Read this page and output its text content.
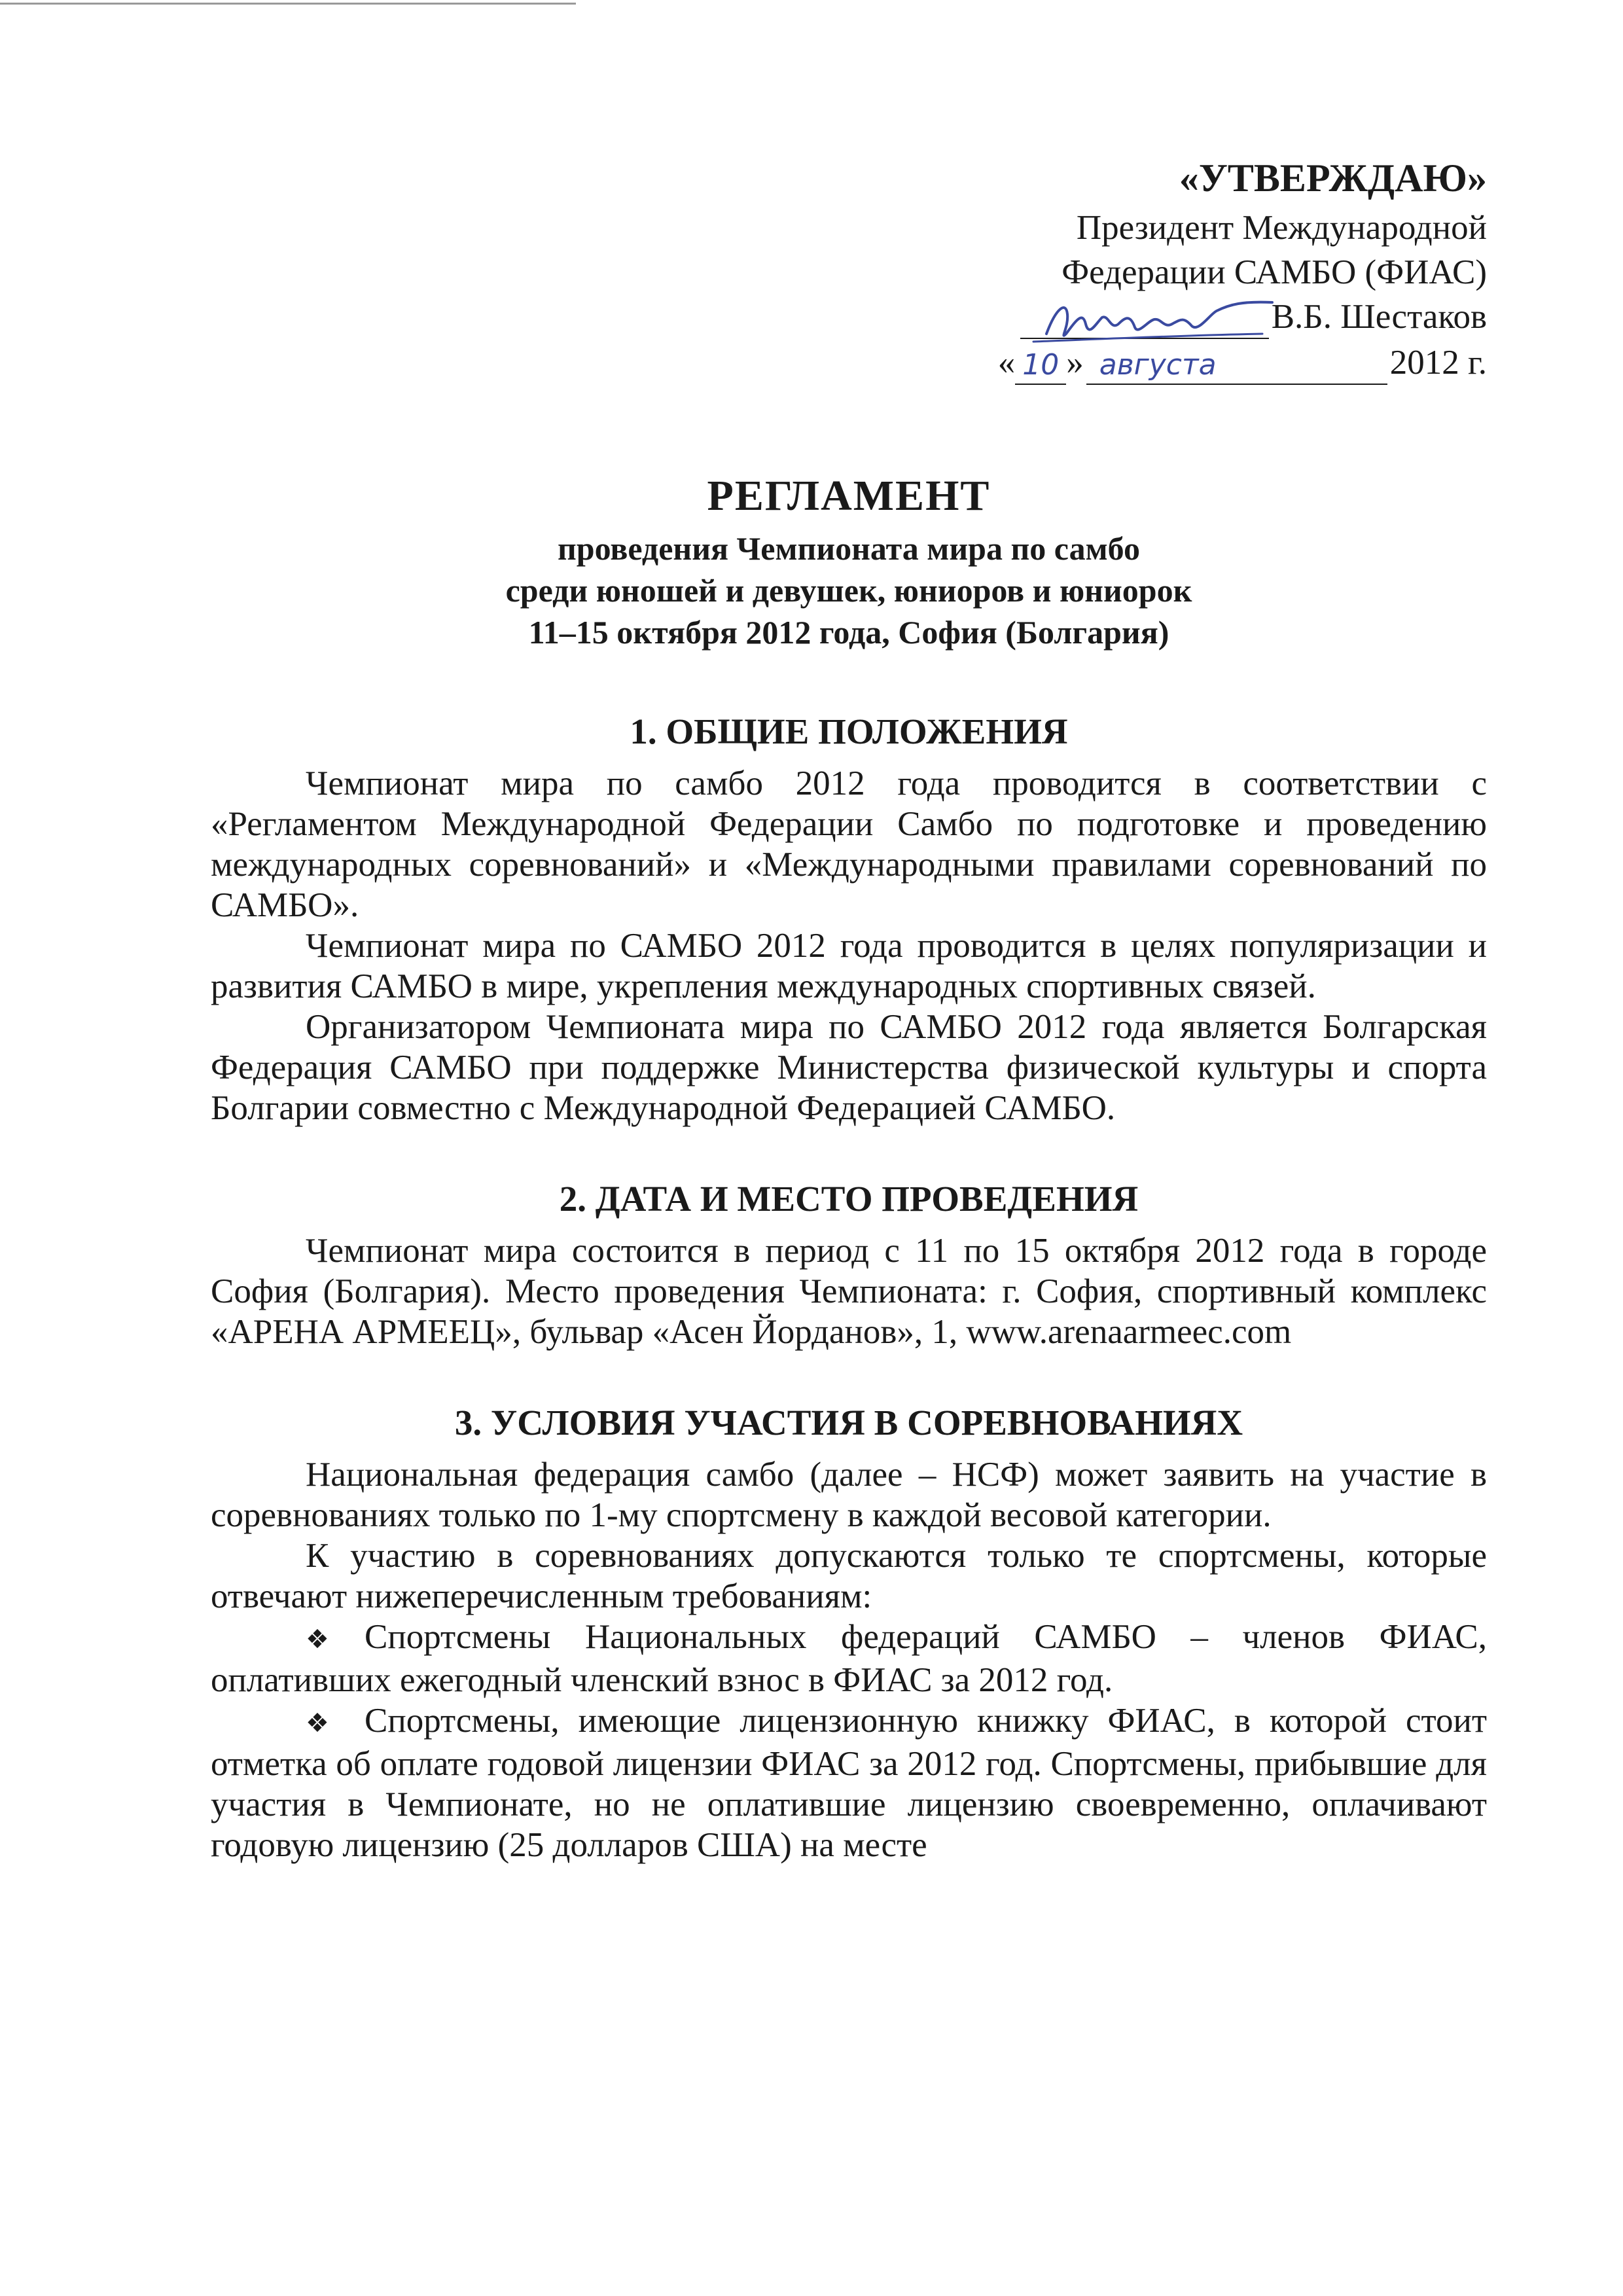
«УТВЕРЖДАЮ»
Президент Международной
Федерации САМБО (ФИАС)
В.Б. Шестаков
« 10 » августа	2012 г.
РЕГЛАМЕНТ
проведения Чемпионата мира по самбо
среди юношей и девушек, юниоров и юниорок
11–15 октября 2012 года, София (Болгария)
1. ОБЩИЕ ПОЛОЖЕНИЯ

Чемпионат мира по самбо 2012 года проводится в соответствии с «Регламентом Международной Федерации Самбо по подготовке и проведению международных соревнований» и «Международными правилами соревнований по САМБО».

Чемпионат мира по САМБО 2012 года проводится в целях популяризации и развития САМБО в мире, укрепления международных спортивных связей.

Организатором Чемпионата мира по САМБО 2012 года является Болгарская Федерация САМБО при поддержке Министерства физической культуры и спорта Болгарии совместно с Международной Федерацией САМБО.

2. ДАТА И МЕСТО ПРОВЕДЕНИЯ

Чемпионат мира состоится в период с 11 по 15 октября 2012 года в городе София (Болгария). Место проведения Чемпионата: г. София, спортивный комплекс «АРЕНА АРМЕЕЦ», бульвар «Асен Йорданов», 1, www.arenaarmeec.com

3. УСЛОВИЯ УЧАСТИЯ В СОРЕВНОВАНИЯХ

Национальная федерация самбо (далее – НСФ) может заявить на участие в соревнованиях только по 1-му спортсмену в каждой весовой категории.

К участию в соревнованиях допускаются только те спортсмены, которые отвечают нижеперечисленным требованиям:

❖ Спортсмены Национальных федераций САМБО – членов ФИАС, оплативших ежегодный членский взнос в ФИАС за 2012 год.

❖ Спортсмены, имеющие лицензионную книжку ФИАС, в которой стоит отметка об оплате годовой лицензии ФИАС за 2012 год. Спортсмены, прибывшие для участия в Чемпионате, но не оплатившие лицензию своевременно, оплачивают годовую лицензию (25 долларов США) на месте
